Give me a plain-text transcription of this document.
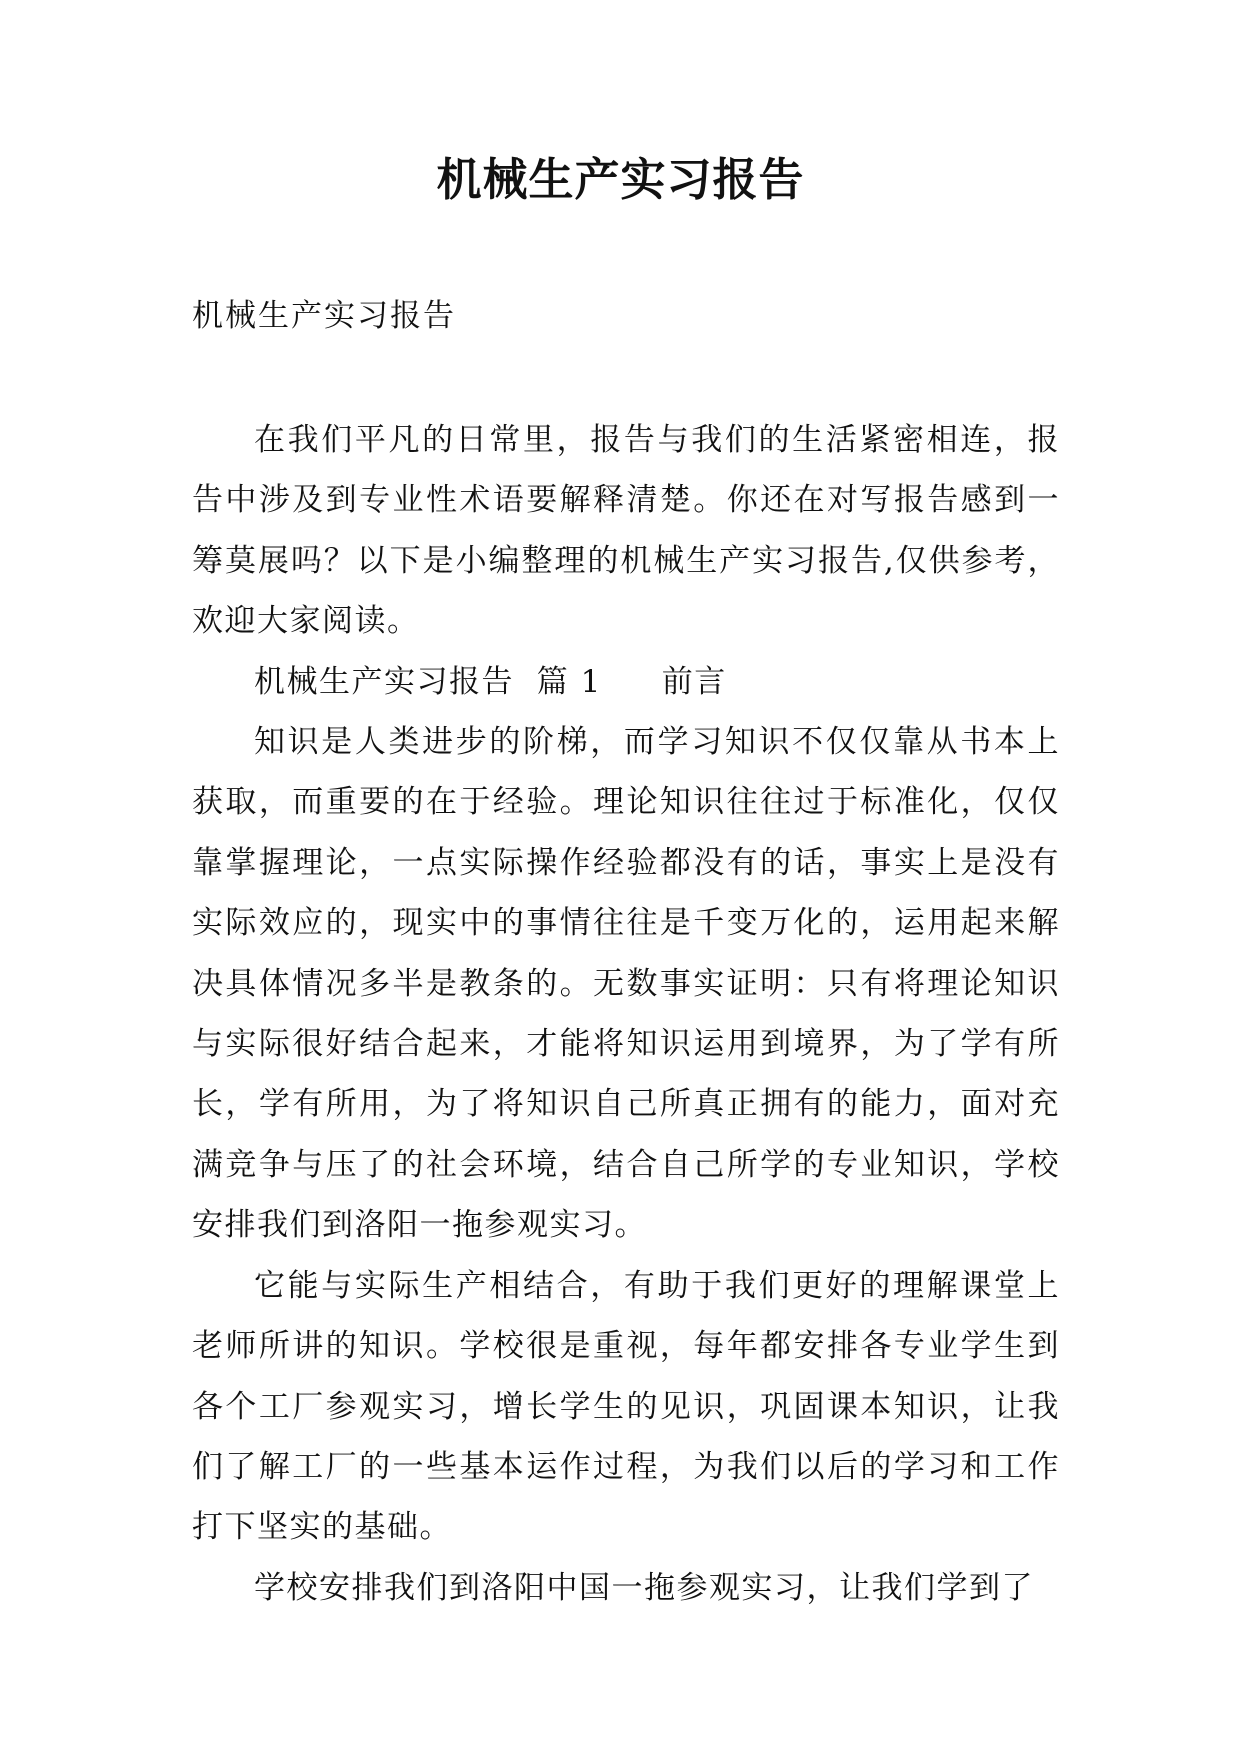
机械生产实习报告
机械生产实习报告

在我们平凡的日常里，报告与我们的生活紧密相连，报告中涉及到专业性术语要解释清楚。你还在对写报告感到一筹莫展吗？以下是小编整理的机械生产实习报告,仅供参考，欢迎大家阅读。

机械生产实习报告 篇 1 前言

知识是人类进步的阶梯，而学习知识不仅仅靠从书本上获取，而重要的在于经验。理论知识往往过于标准化，仅仅靠掌握理论，一点实际操作经验都没有的话，事实上是没有实际效应的，现实中的事情往往是千变万化的，运用起来解决具体情况多半是教条的。无数事实证明：只有将理论知识与实际很好结合起来，才能将知识运用到境界，为了学有所长，学有所用，为了将知识自己所真正拥有的能力，面对充满竞争与压了的社会环境，结合自己所学的专业知识，学校安排我们到洛阳一拖参观实习。

它能与实际生产相结合，有助于我们更好的理解课堂上老师所讲的知识。学校很是重视，每年都安排各专业学生到各个工厂参观实习，增长学生的见识，巩固课本知识，让我们了解工厂的一些基本运作过程，为我们以后的学习和工作打下坚实的基础。

学校安排我们到洛阳中国一拖参观实习，让我们学到了
